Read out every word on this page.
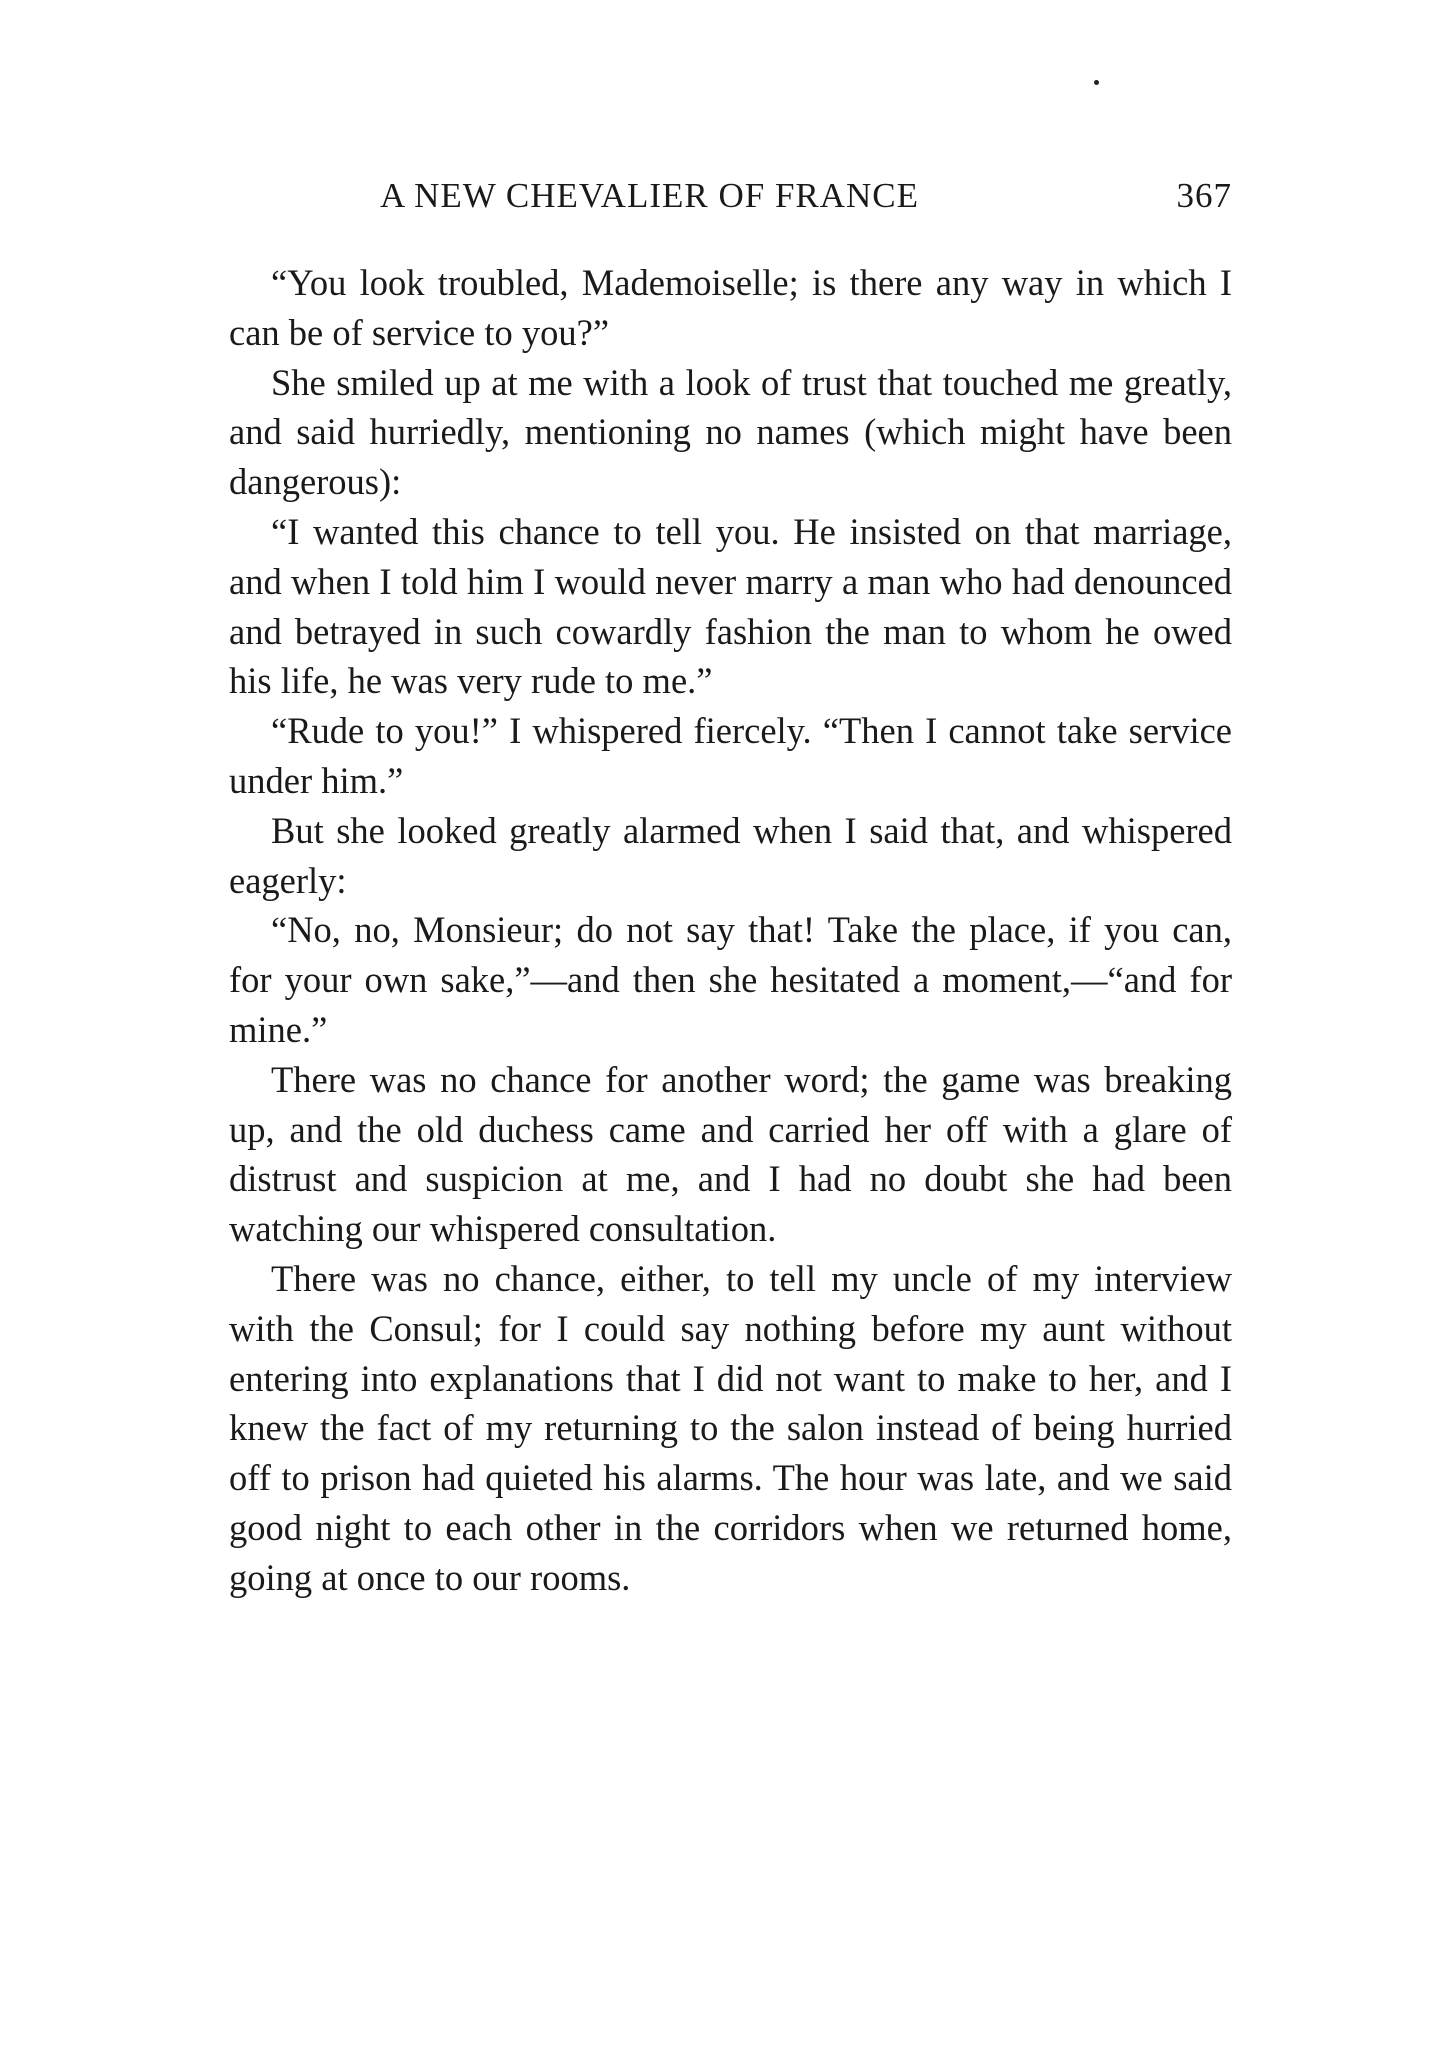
A NEW CHEVALIER OF FRANCE	367

“You look troubled, Mademoiselle; is there any way in which I can be of service to you?”

She smiled up at me with a look of trust that touched me greatly, and said hurriedly, mentioning no names (which might have been dangerous):

“I wanted this chance to tell you. He insisted on that marriage, and when I told him I would never marry a man who had denounced and betrayed in such cowardly fashion the man to whom he owed his life, he was very rude to me.”

“Rude to you!” I whispered fiercely. “Then I cannot take service under him.”

But she looked greatly alarmed when I said that, and whispered eagerly:

“No, no, Monsieur; do not say that! Take the place, if you can, for your own sake,”—and then she hesitated a moment,—“and for mine.”

There was no chance for another word; the game was breaking up, and the old duchess came and carried her off with a glare of distrust and suspicion at me, and I had no doubt she had been watching our whispered consultation.

There was no chance, either, to tell my uncle of my interview with the Consul; for I could say nothing before my aunt without entering into explanations that I did not want to make to her, and I knew the fact of my returning to the salon instead of being hurried off to prison had quieted his alarms. The hour was late, and we said good night to each other in the corridors when we returned home, going at once to our rooms.
